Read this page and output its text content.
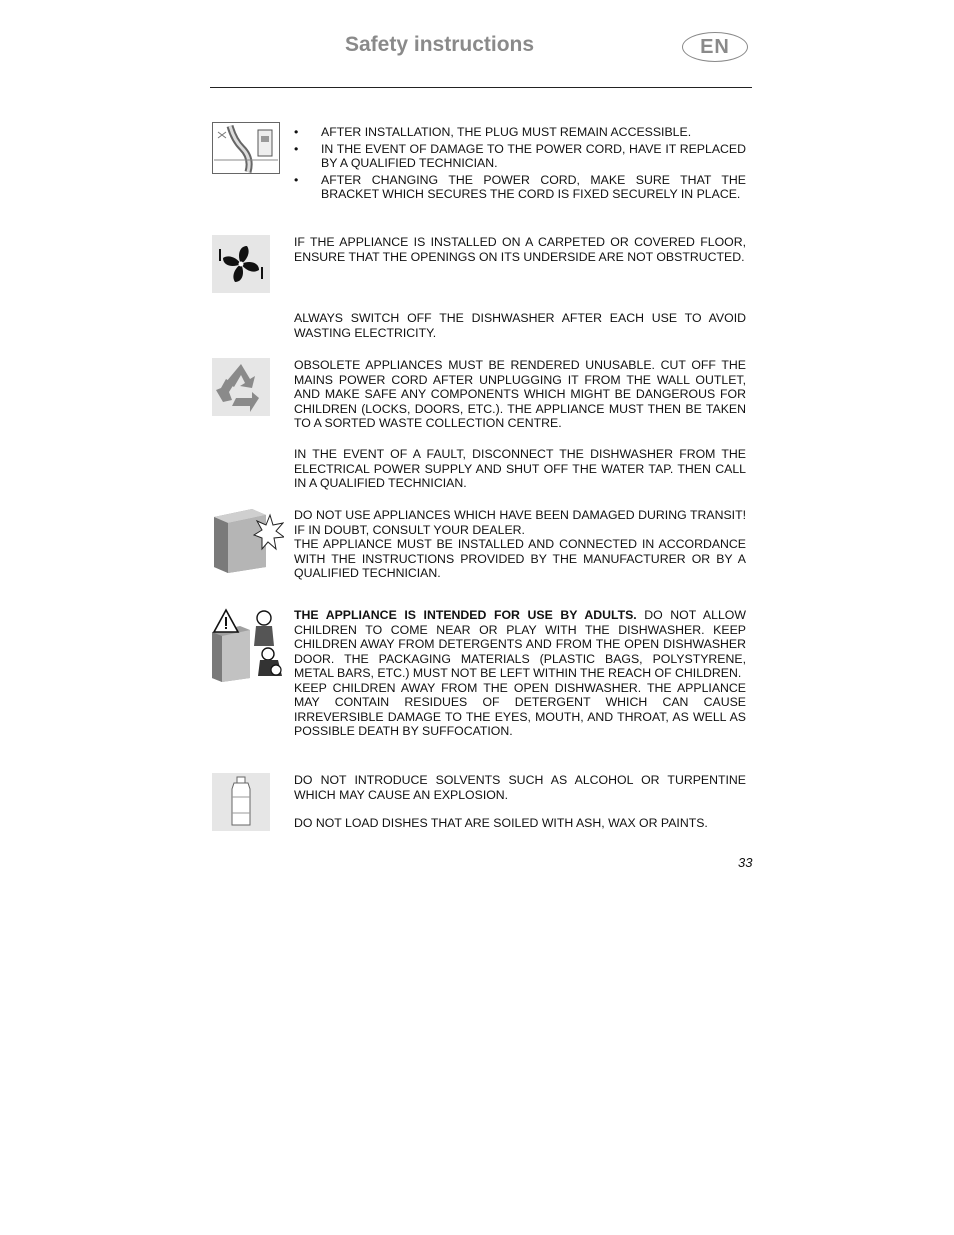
Safety instructions	EN
• AFTER INSTALLATION, THE PLUG MUST REMAIN ACCESSIBLE.
• IN THE EVENT OF DAMAGE TO THE POWER CORD, HAVE IT REPLACED BY A QUALIFIED TECHNICIAN.
• AFTER CHANGING THE POWER CORD, MAKE SURE THAT THE BRACKET WHICH SECURES THE CORD IS FIXED SECURELY IN PLACE.
IF THE APPLIANCE IS INSTALLED ON A CARPETED OR COVERED FLOOR, ENSURE THAT THE OPENINGS ON ITS UNDERSIDE ARE NOT OBSTRUCTED.
ALWAYS SWITCH OFF THE DISHWASHER AFTER EACH USE TO AVOID WASTING ELECTRICITY.
OBSOLETE APPLIANCES MUST BE RENDERED UNUSABLE. CUT OFF THE MAINS POWER CORD AFTER UNPLUGGING IT FROM THE WALL OUTLET, AND MAKE SAFE ANY COMPONENTS WHICH MIGHT BE DANGEROUS FOR CHILDREN (LOCKS, DOORS, ETC.). THE APPLIANCE MUST THEN BE TAKEN TO A SORTED WASTE COLLECTION CENTRE.
IN THE EVENT OF A FAULT, DISCONNECT THE DISHWASHER FROM THE ELECTRICAL POWER SUPPLY AND SHUT OFF THE WATER TAP. THEN CALL IN A QUALIFIED TECHNICIAN.

DO NOT USE APPLIANCES WHICH HAVE BEEN DAMAGED DURING TRANSIT! IF IN DOUBT, CONSULT YOUR DEALER.

THE APPLIANCE MUST BE INSTALLED AND CONNECTED IN ACCORDANCE WITH THE INSTRUCTIONS PROVIDED BY THE MANUFACTURER OR BY A QUALIFIED TECHNICIAN.

THE APPLIANCE IS INTENDED FOR USE BY ADULTS. DO NOT ALLOW CHILDREN TO COME NEAR OR PLAY WITH THE DISHWASHER. KEEP CHILDREN AWAY FROM DETERGENTS AND FROM THE OPEN DISHWASHER DOOR. THE PACKAGING MATERIALS (PLASTIC BAGS, POLYSTYRENE, METAL BARS, ETC.) MUST NOT BE LEFT WITHIN THE REACH OF CHILDREN.

KEEP CHILDREN AWAY FROM THE OPEN DISHWASHER. THE APPLIANCE MAY CONTAIN RESIDUES OF DETERGENT WHICH CAN CAUSE IRREVERSIBLE DAMAGE TO THE EYES, MOUTH, AND THROAT, AS WELL AS POSSIBLE DEATH BY SUFFOCATION.

DO NOT INTRODUCE SOLVENTS SUCH AS ALCOHOL OR TURPENTINE WHICH MAY CAUSE AN EXPLOSION.
DO NOT LOAD DISHES THAT ARE SOILED WITH ASH, WAX OR PAINTS.
33
